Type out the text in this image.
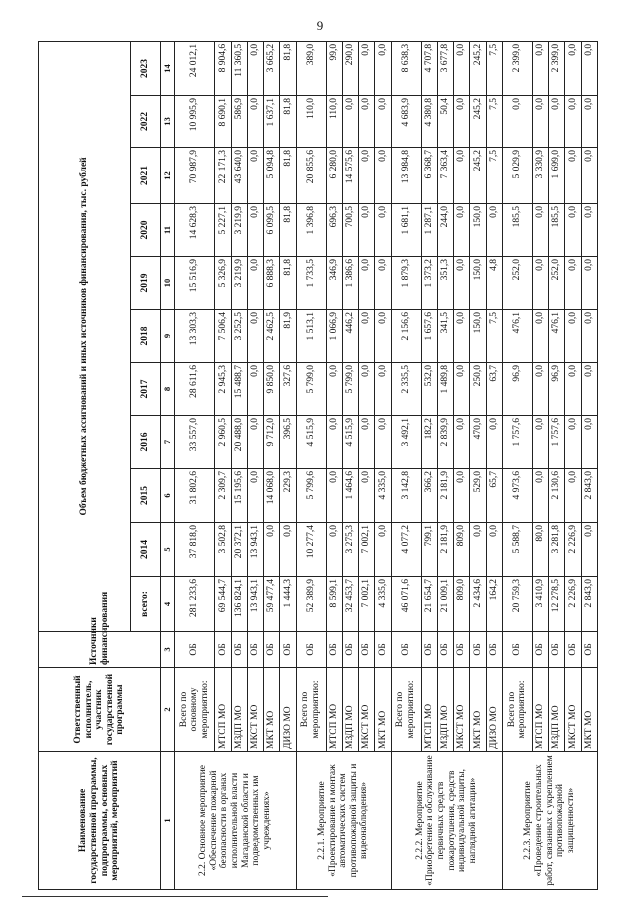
9
Наименование государственной программы, подпрограммы, основных мероприятий, мероприятий	Ответственный исполнитель, участник государственной программы	Источники финансирования	Объем бюджетных ассигнований и иных источников финансирования, тыс. рублей										
			всего:	2014	2015	2016	2017	2018	2019	2020	2021	2022	2023
1	2	3	4	5	6	7	8	9	10	11	12	13	14
2.2. Основное мероприятие «Обеспечение пожарной безопасности в органах исполнительной власти Магаданской области и подведомственных им учреждениях»	Всего по основному мероприятию:	ОБ	281 233,6	37 818,0	31 802,6	33 557,0	28 611,6	13 303,3	15 516,9	14 628,3	70 987,9	10 995,9	24 012,1
	МТСП МО	ОБ	69 544,7	3 502,8	2 309,7	2 960,5	2 945,3	7 506,4	5 326,9	5 227,1	22 171,3	8 690,1	8 904,6
	МЗДП МО	ОБ	136 824,1	20 372,1	15 195,6	20 488,0	15 488,7	3 252,5	3 219,9	3 219,9	43 640,0	586,9	11 360,5
	МКСТ МО	ОБ	13 943,1	13 943,1	0,0	0,0	0,0	0,0	0,0	0,0	0,0	0,0	0,0
	МКТ МО	ОБ	59 477,4	0,0	14 068,0	9 712,0	9 850,0	2 462,5	6 888,3	6 099,5	5 094,8	1 637,1	3 665,2
	ДИЗО МО	ОБ	1 444,3	0,0	229,3	396,5	327,6	81,9	81,8	81,8	81,8	81,8	81,8
2.2.1. Мероприятие «Проектирование и монтаж автоматических систем противопожарной защиты и видеонаблюдения»	Всего по мероприятию:	ОБ	52 389,9	10 277,4	5 799,6	4 515,9	5 799,0	1 513,1	1 733,5	1 396,8	20 855,6	110,0	389,0
	МТСП МО	ОБ	8 599,1	0,0	0,0	0,0	0,0	1 066,9	346,9	696,3	6 280,0	110,0	99,0
	МЗДП МО	ОБ	32 453,7	3 275,3	1 464,6	4 515,9	5 799,0	446,2	1 386,6	700,5	14 575,6	0,0	290,0
	МКСТ МО	ОБ	7 002,1	7 002,1	0,0	0,0	0,0	0,0	0,0	0,0	0,0	0,0	0,0
	МКТ МО	ОБ	4 335,0	0,0	4 335,0	0,0	0,0	0,0	0,0	0,0	0,0	0,0	0,0
2.2.2. Мероприятие «Приобретение и обслуживание первичных средств пожаротушения, средств индивидуальной защиты, наглядной агитации»	Всего по мероприятию:	ОБ	46 071,6	4 077,2	3 142,8	3 492,1	2 335,5	2 156,6	1 879,3	1 681,1	13 984,8	4 683,9	8 638,3
	МТСП МО	ОБ	21 654,7	799,1	366,2	182,2	532,0	1 657,6	1 373,2	1 287,1	6 368,7	4 380,8	4 707,8
	МЗДП МО	ОБ	21 009,1	2 181,9	2 181,9	2 839,9	1 489,8	341,5	351,3	244,0	7 363,4	50,4	3 677,8
	МКСТ МО	ОБ	809,0	809,0	0,0	0,0	0,0	0,0	0,0	0,0	0,0	0,0	0,0
	МКТ МО	ОБ	2 434,6	0,0	529,0	470,0	250,0	150,0	150,0	150,0	245,2	245,2	245,2
	ДИЗО МО	ОБ	164,2	0,0	65,7	0,0	63,7	7,5	4,8	0,0	7,5	7,5	7,5
2.2.3. Мероприятие «Проведение строительных работ, связанных с укреплением противопожарной защищенности»	Всего по мероприятию:	ОБ	20 759,3	5 588,7	4 973,6	1 757,6	96,9	476,1	252,0	185,5	5 029,9	0,0	2 399,0
	МТСП МО	ОБ	3 410,9	80,0	0,0	0,0	0,0	0,0	0,0	0,0	3 330,9	0,0	0,0
	МЗДП МО	ОБ	12 278,5	3 281,8	2 130,6	1 757,6	96,9	476,1	252,0	185,5	1 699,0	0,0	2 399,0
	МКСТ МО	ОБ	2 226,9	2 226,9	0,0	0,0	0,0	0,0	0,0	0,0	0,0	0,0	0,0
	МКТ МО	ОБ	2 843,0	0,0	2 843,0	0,0	0,0	0,0	0,0	0,0	0,0	0,0	0,0
